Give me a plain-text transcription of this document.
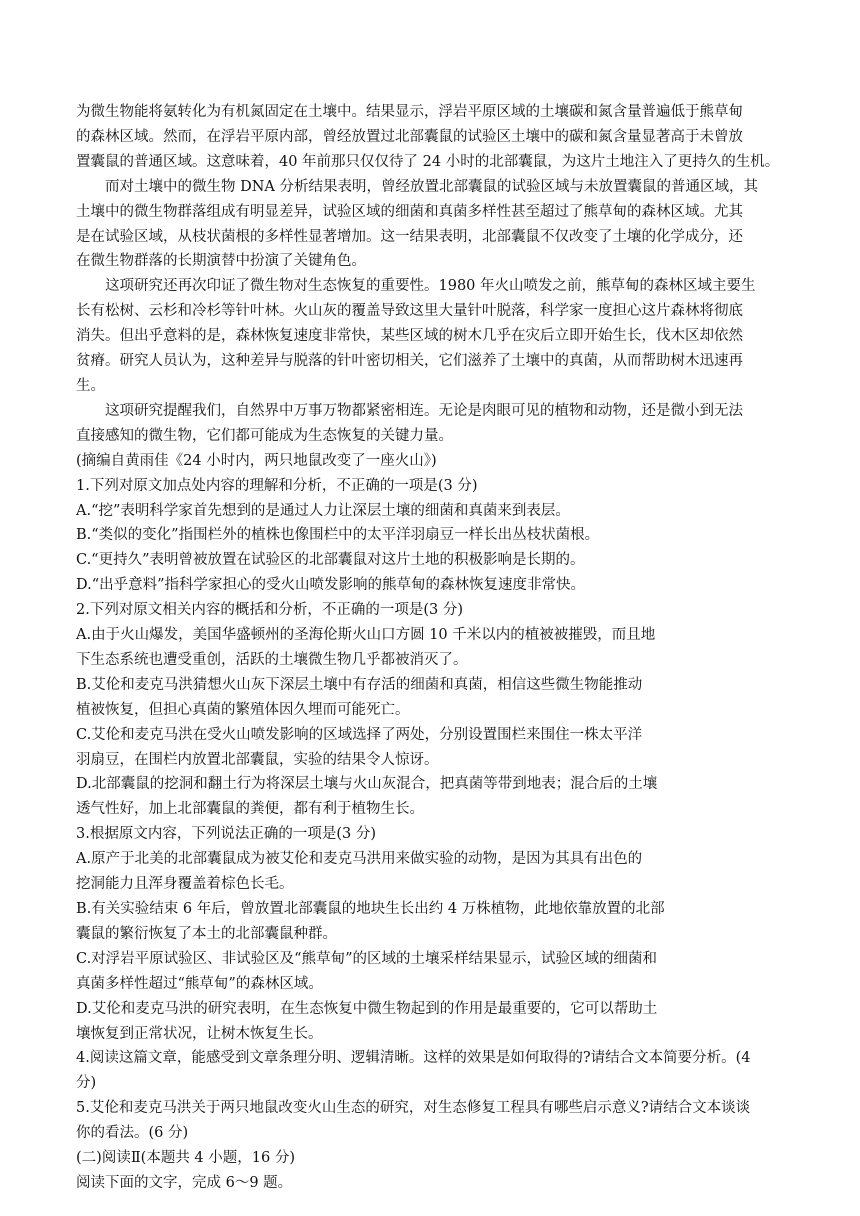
为微生物能将氨转化为有机氮固定在土壤中。结果显示，浮岩平原区域的土壤碳和氮含量普遍低于熊草甸
的森林区域。然而，在浮岩平原内部，曾经放置过北部囊鼠的试验区土壤中的碳和氮含量显著高于未曾放
置囊鼠的普通区域。这意味着，40 年前那只仅仅待了 24 小时的北部囊鼠，为这片土地注入了更持久的生机。
而对土壤中的微生物 DNA 分析结果表明，曾经放置北部囊鼠的试验区域与未放置囊鼠的普通区域，其
土壤中的微生物群落组成有明显差异，试验区域的细菌和真菌多样性甚至超过了熊草甸的森林区域。尤其
是在试验区域，从枝状菌根的多样性显著增加。这一结果表明，北部囊鼠不仅改变了土壤的化学成分，还
在微生物群落的长期演替中扮演了关键角色。
这项研究还再次印证了微生物对生态恢复的重要性。1980 年火山喷发之前，熊草甸的森林区域主要生
长有松树、云杉和冷杉等针叶林。火山灰的覆盖导致这里大量针叶脱落，科学家一度担心这片森林将彻底
消失。但出乎意料的是，森林恢复速度非常快，某些区域的树木几乎在灾后立即开始生长，伐木区却依然
贫瘠。研究人员认为，这种差异与脱落的针叶密切相关，它们滋养了土壤中的真菌，从而帮助树木迅速再
生。
这项研究提醒我们，自然界中万事万物都紧密相连。无论是肉眼可见的植物和动物，还是微小到无法
直接感知的微生物，它们都可能成为生态恢复的关键力量。
(摘编自黄雨佳《24 小时内，两只地鼠改变了一座火山》)
1.下列对原文加点处内容的理解和分析，不正确的一项是(3 分)
A.“挖”表明科学家首先想到的是通过人力让深层土壤的细菌和真菌来到表层。
B.“类似的变化”指围栏外的植株也像围栏中的太平洋羽扇豆一样长出丛枝状菌根。
C.“更持久”表明曾被放置在试验区的北部囊鼠对这片土地的积极影响是长期的。
D.“出乎意料”指科学家担心的受火山喷发影响的熊草甸的森林恢复速度非常快。
2.下列对原文相关内容的概括和分析，不正确的一项是(3 分)
A.由于火山爆发，美国华盛顿州的圣海伦斯火山口方圆 10 千米以内的植被被摧毁，而且地
下生态系统也遭受重创，活跃的土壤微生物几乎都被消灭了。
B.艾伦和麦克马洪猜想火山灰下深层土壤中有存活的细菌和真菌，相信这些微生物能推动
植被恢复，但担心真菌的繁殖体因久埋而可能死亡。
C.艾伦和麦克马洪在受火山喷发影响的区域选择了两处，分别设置围栏来围住一株太平洋
羽扇豆，在围栏内放置北部囊鼠，实验的结果令人惊讶。
D.北部囊鼠的挖洞和翻土行为将深层土壤与火山灰混合，把真菌等带到地表；混合后的土壤
透气性好，加上北部囊鼠的粪便，都有利于植物生长。
3.根据原文内容，下列说法正确的一项是(3 分)
A.原产于北美的北部囊鼠成为被艾伦和麦克马洪用来做实验的动物，是因为其具有出色的
挖洞能力且浑身覆盖着棕色长毛。
B.有关实验结束 6 年后，曾放置北部囊鼠的地块生长出约 4 万株植物，此地依靠放置的北部
囊鼠的繁衍恢复了本土的北部囊鼠种群。
C.对浮岩平原试验区、非试验区及“熊草甸”的区域的土壤采样结果显示，试验区域的细菌和
真菌多样性超过“熊草甸”的森林区域。
D.艾伦和麦克马洪的研究表明，在生态恢复中微生物起到的作用是最重要的，它可以帮助土
壤恢复到正常状况，让树木恢复生长。
4.阅读这篇文章，能感受到文章条理分明、逻辑清晰。这样的效果是如何取得的?请结合文本简要分析。(4
分)
5.艾伦和麦克马洪关于两只地鼠改变火山生态的研究，对生态修复工程具有哪些启示意义?请结合文本谈谈
你的看法。(6 分)
(二)阅读Ⅱ(本题共 4 小题，16 分)
阅读下面的文字，完成 6～9 题。
